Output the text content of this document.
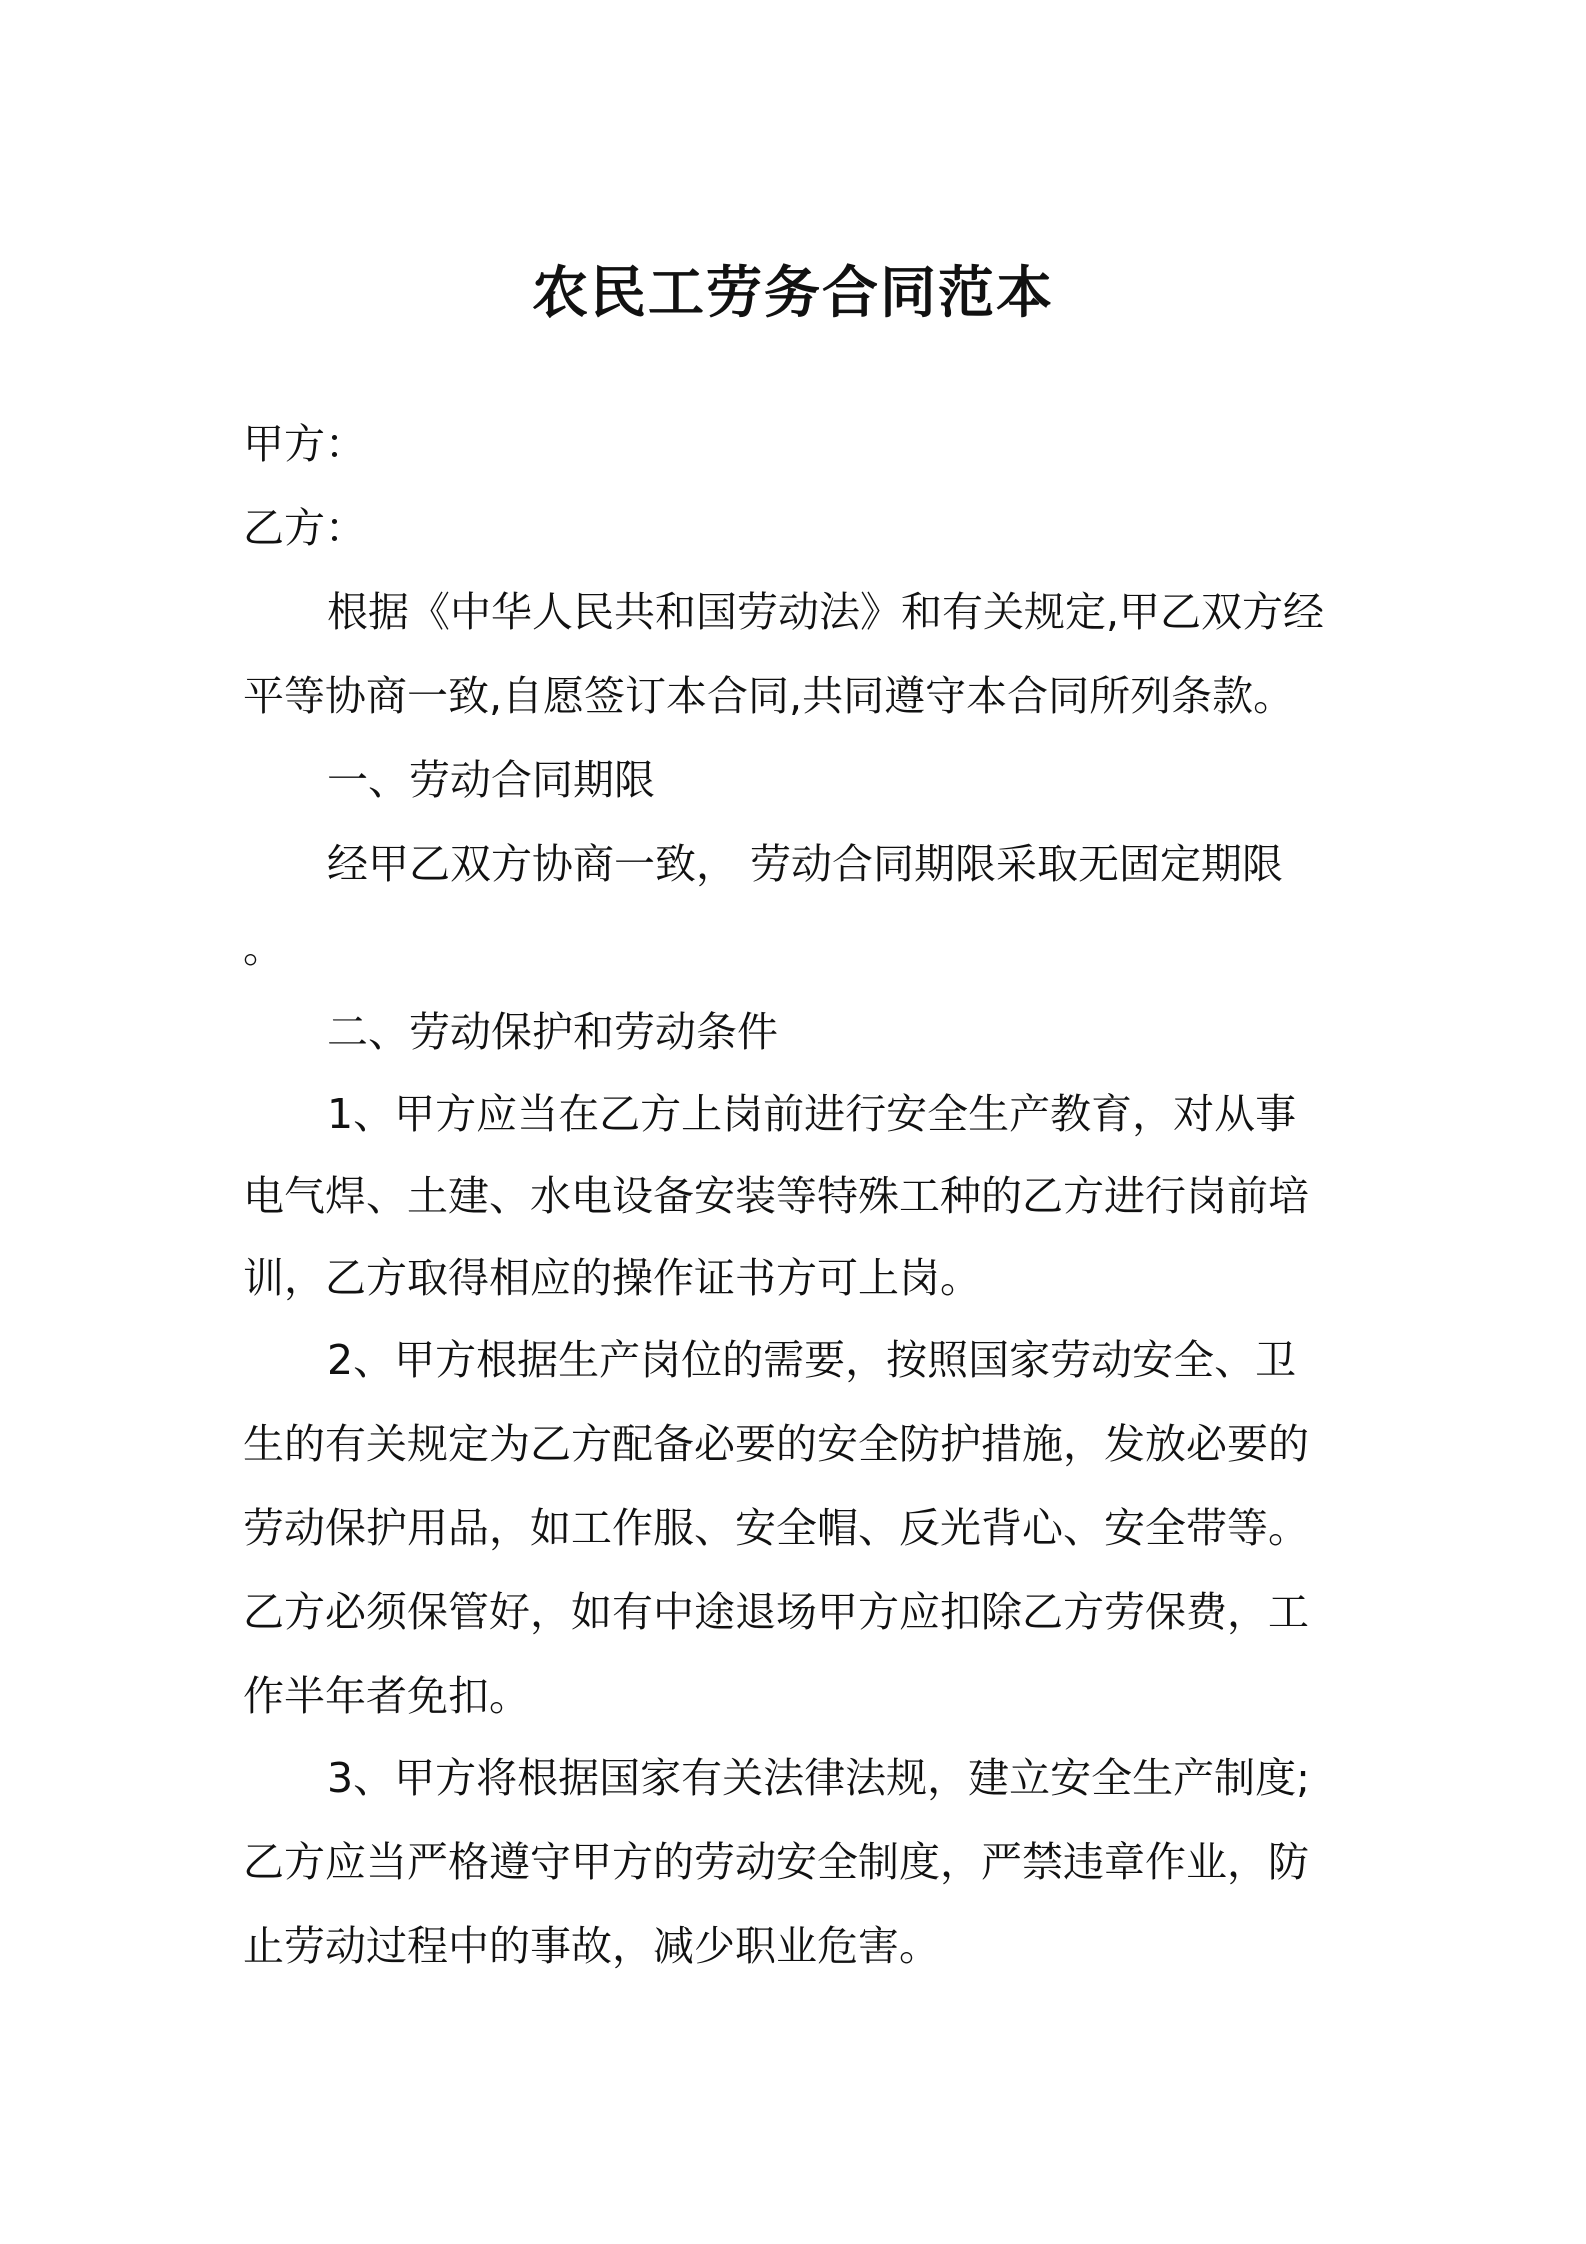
农民工劳务合同范本
甲方：
乙方：
根据《中华人民共和国劳动法》和有关规定,甲乙双方经
平等协商一致,自愿签订本合同,共同遵守本合同所列条款。
一、劳动合同期限
经甲乙双方协商一致， 劳动合同期限采取无固定期限
。
二、劳动保护和劳动条件
1、甲方应当在乙方上岗前进行安全生产教育，对从事
电气焊、土建、水电设备安装等特殊工种的乙方进行岗前培
训，乙方取得相应的操作证书方可上岗。
2、甲方根据生产岗位的需要，按照国家劳动安全、卫
生的有关规定为乙方配备必要的安全防护措施，发放必要的
劳动保护用品，如工作服、安全帽、反光背心、安全带等。
乙方必须保管好，如有中途退场甲方应扣除乙方劳保费，工
作半年者免扣。
3、甲方将根据国家有关法律法规，建立安全生产制度;
乙方应当严格遵守甲方的劳动安全制度，严禁违章作业，防
止劳动过程中的事故，减少职业危害。
